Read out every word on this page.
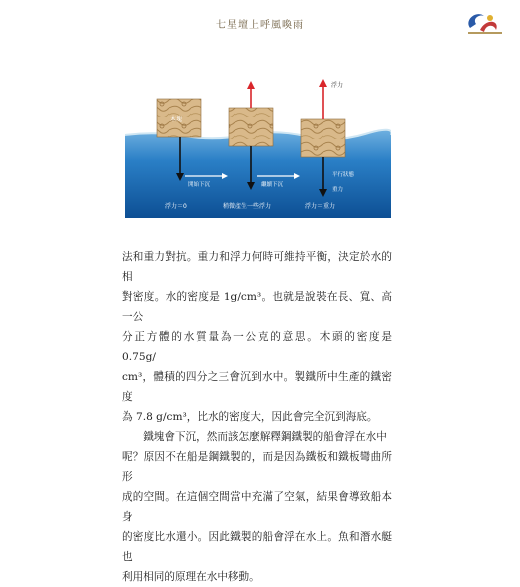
七星壇上呼風喚雨
木塊
浮力
開始下沉	繼續下沉
平行狀態
重力
浮力＝0	稍微產生一些浮力	浮力＝重力

法和重力對抗。重力和浮力何時可維持平衡，決定於水的相
對密度。水的密度是 1g/cm³。也就是說裝在長、寬、高一公
分正方體的水質量為一公克的意思。木頭的密度是 0.75g/
cm³，體積的四分之三會沉到水中。製鐵所中生產的鐵密度
為 7.8 g/cm³，比水的密度大，因此會完全沉到海底。

鐵塊會下沉，然而該怎麼解釋鋼鐵製的船會浮在水中
呢？原因不在船是鋼鐵製的，而是因為鐵板和鐵板彎曲所形
成的空間。在這個空間當中充滿了空氣，結果會導致船本身
的密度比水還小。因此鐵製的船會浮在水上。魚和潛水艇也
利用相同的原理在水中移動。
